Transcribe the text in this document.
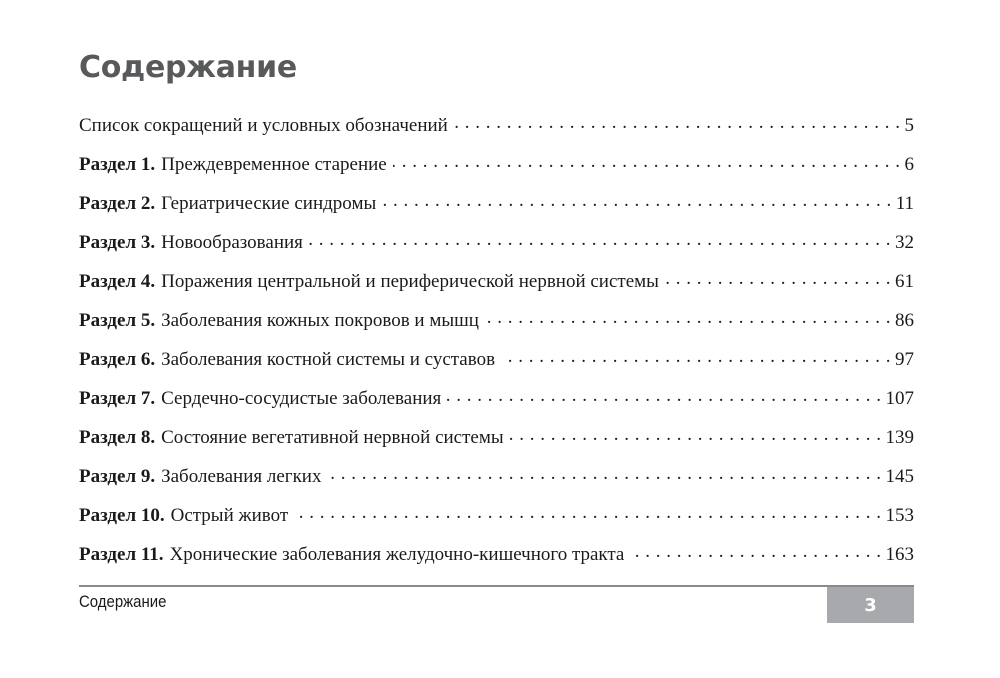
Содержание
Список сокращений и условных обозначений . . .	5
Раздел 1. Преждевременное старение . . .	6
Раздел 2. Гериатрические синдромы . . .	11
Раздел 3. Новообразования . . .	32
Раздел 4. Поражения центральной и периферической нервной системы . . .	61
Раздел 5. Заболевания кожных покровов и мышц . . .	86
Раздел 6. Заболевания костной системы и суставов . . .	97
Раздел 7. Сердечно-сосудистые заболевания . . .	107
Раздел 8. Состояние вегетативной нервной системы . . .	139
Раздел 9. Заболевания легких . . .	145
Раздел 10. Острый живот . . .	153
Раздел 11. Хронические заболевания желудочно-кишечного тракта . . .	163
Содержание	3
